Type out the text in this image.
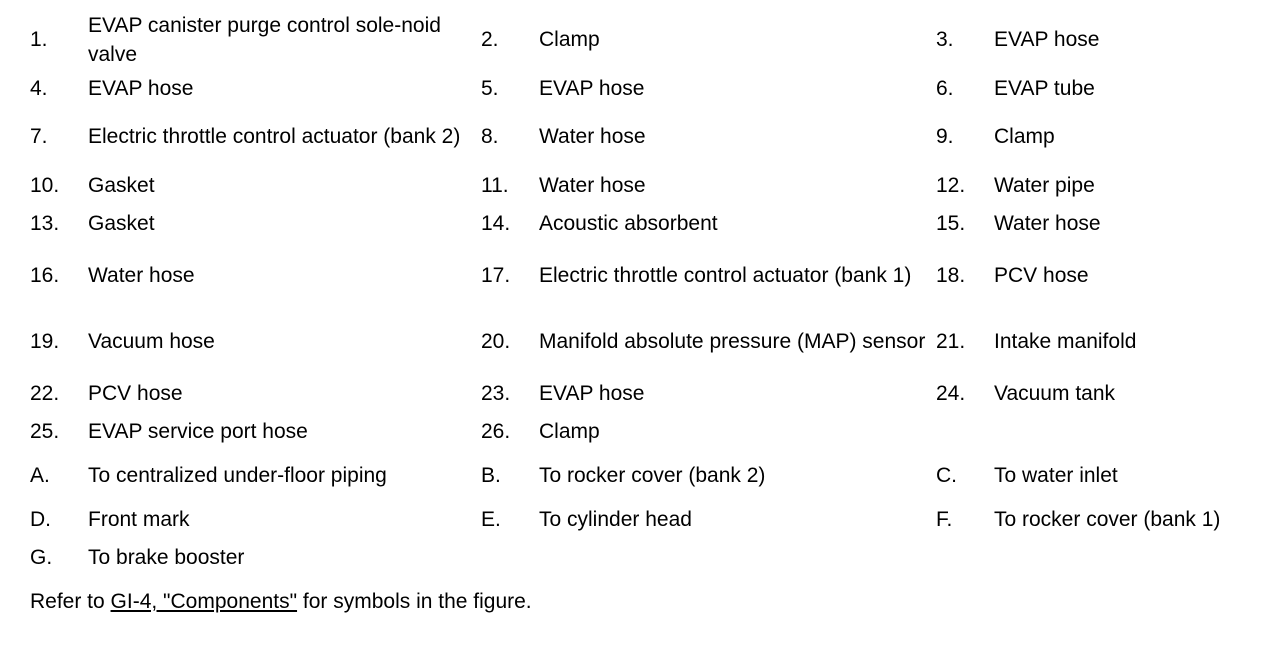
1.	EVAP canister purge control sole-noid valve	2.	Clamp	3.	EVAP hose
4.	EVAP hose	5.	EVAP hose	6.	EVAP tube
7.	Electric throttle control actuator (bank 2)	8.	Water hose	9.	Clamp
10.	Gasket	11.	Water hose	12.	Water pipe
13.	Gasket	14.	Acoustic absorbent	15.	Water hose
16.	Water hose	17.	Electric throttle control actuator (bank 1)	18.	PCV hose
19.	Vacuum hose	20.	Manifold absolute pressure (MAP) sensor	21.	Intake manifold
22.	PCV hose	23.	EVAP hose	24.	Vacuum tank
25.	EVAP service port hose	26.	Clamp		
A.	To centralized under-floor piping	B.	To rocker cover (bank 2)	C.	To water inlet
D.	Front mark	E.	To cylinder head	F.	To rocker cover (bank 1)
G.	To brake booster				
Refer to GI-4, "Components" for symbols in the figure.
